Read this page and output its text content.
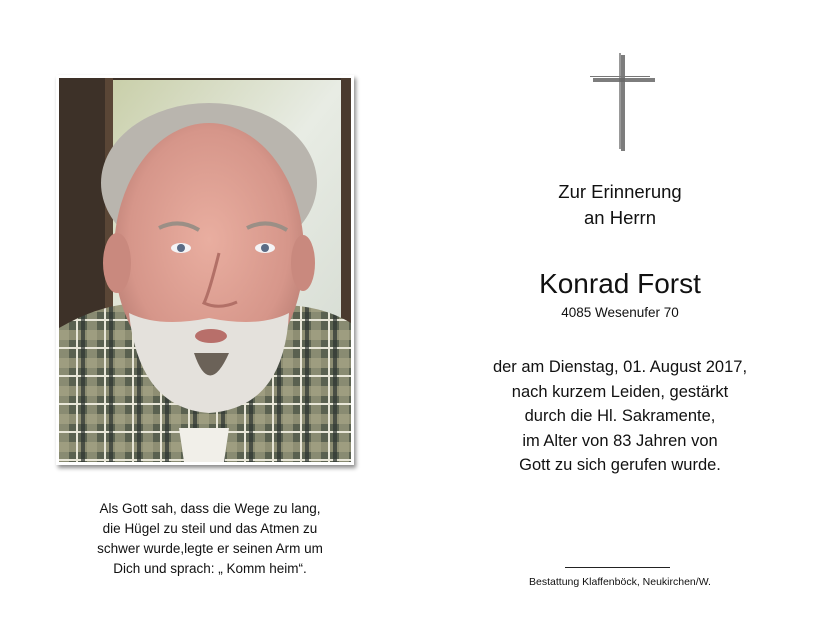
Zur Erinnerung
an Herrn
Konrad Forst
4085 Wesenufer 70
der am Dienstag, 01. August 2017,
nach kurzem Leiden, gestärkt
durch die Hl. Sakramente,
im Alter von 83 Jahren von
Gott zu sich gerufen wurde.
Als Gott sah, dass die Wege zu lang,
die Hügel zu steil und das Atmen zu
schwer wurde,legte er seinen Arm um
Dich und sprach: „ Komm heim“.
Bestattung Klaffenböck, Neukirchen/W.
